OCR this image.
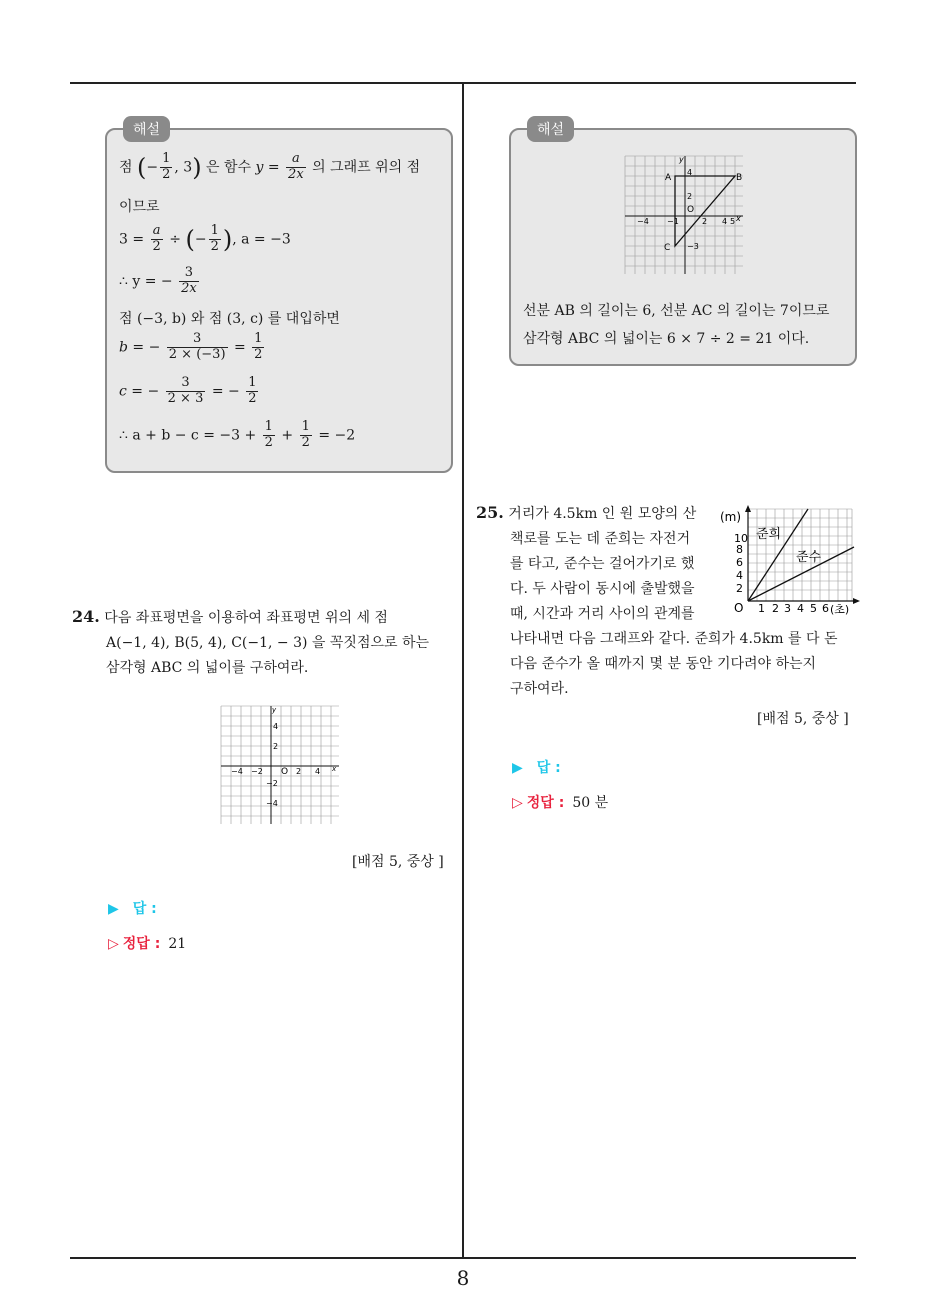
해설
점 (− $\frac{1}{2}$ , 3) 은 함수 $y = \frac{a}{2x}$ 의 그래프 위의 점
이므로
$3 = \frac{a}{2}$ ÷ (− $\frac{1}{2}$ ), a = −3
∴ y = − $\frac{3}{2x}$
점 (−3, b) 와 점 (3, c) 를 대입하면
b = − $\frac{3}{2 \times (-3)} = \frac{1}{2}$
c = − $\frac{3}{2 \times 3}$ = − $\frac{1}{2}$
∴ $a + b - c = -3 + \frac{1}{2} + \frac{1}{2} = -2$
해설
y
x
O
A	B
C
4
2
−3
−4 −1	2 4 5
선분 AB 의 길이는 6, 선분 AC 의 길이는 7이므로
삼각형 ABC 의 넓이는 6 × 7 ÷ 2 = 21 이다.
24. 다음 좌표평면을 이용하여 좌표평면 위의 세 점
A(−1, 4), B(5, 4), C(−1, − 3) 을 꼭짓점으로 하는
삼각형 ABC 의 넓이를 구하여라.
y
x
O
4
2
−2
−4
−4 −2	2 4
[배점 5, 중상 ]
▶ 답 :
▷ 정답 : 21
25. 거리가 4.5km 인 원 모양의 산
책로를 도는 데 준희는 자전거
를 타고, 준수는 걸어가기로 했
다. 두 사람이 동시에 출발했을
때, 시간과 거리 사이의 관계를
나타내면 다음 그래프와 같다. 준희가 4.5km 를 다 돈
다음 준수가 올 때까지 몇 분 동안 기다려야 하는지
구하여라.
(m)
준희
준수
O
10
8
6
4
2
1 2 3 4 5 6 (초)
[배점 5, 중상 ]
▶ 답 :
▷ 정답 : 50 분
8
